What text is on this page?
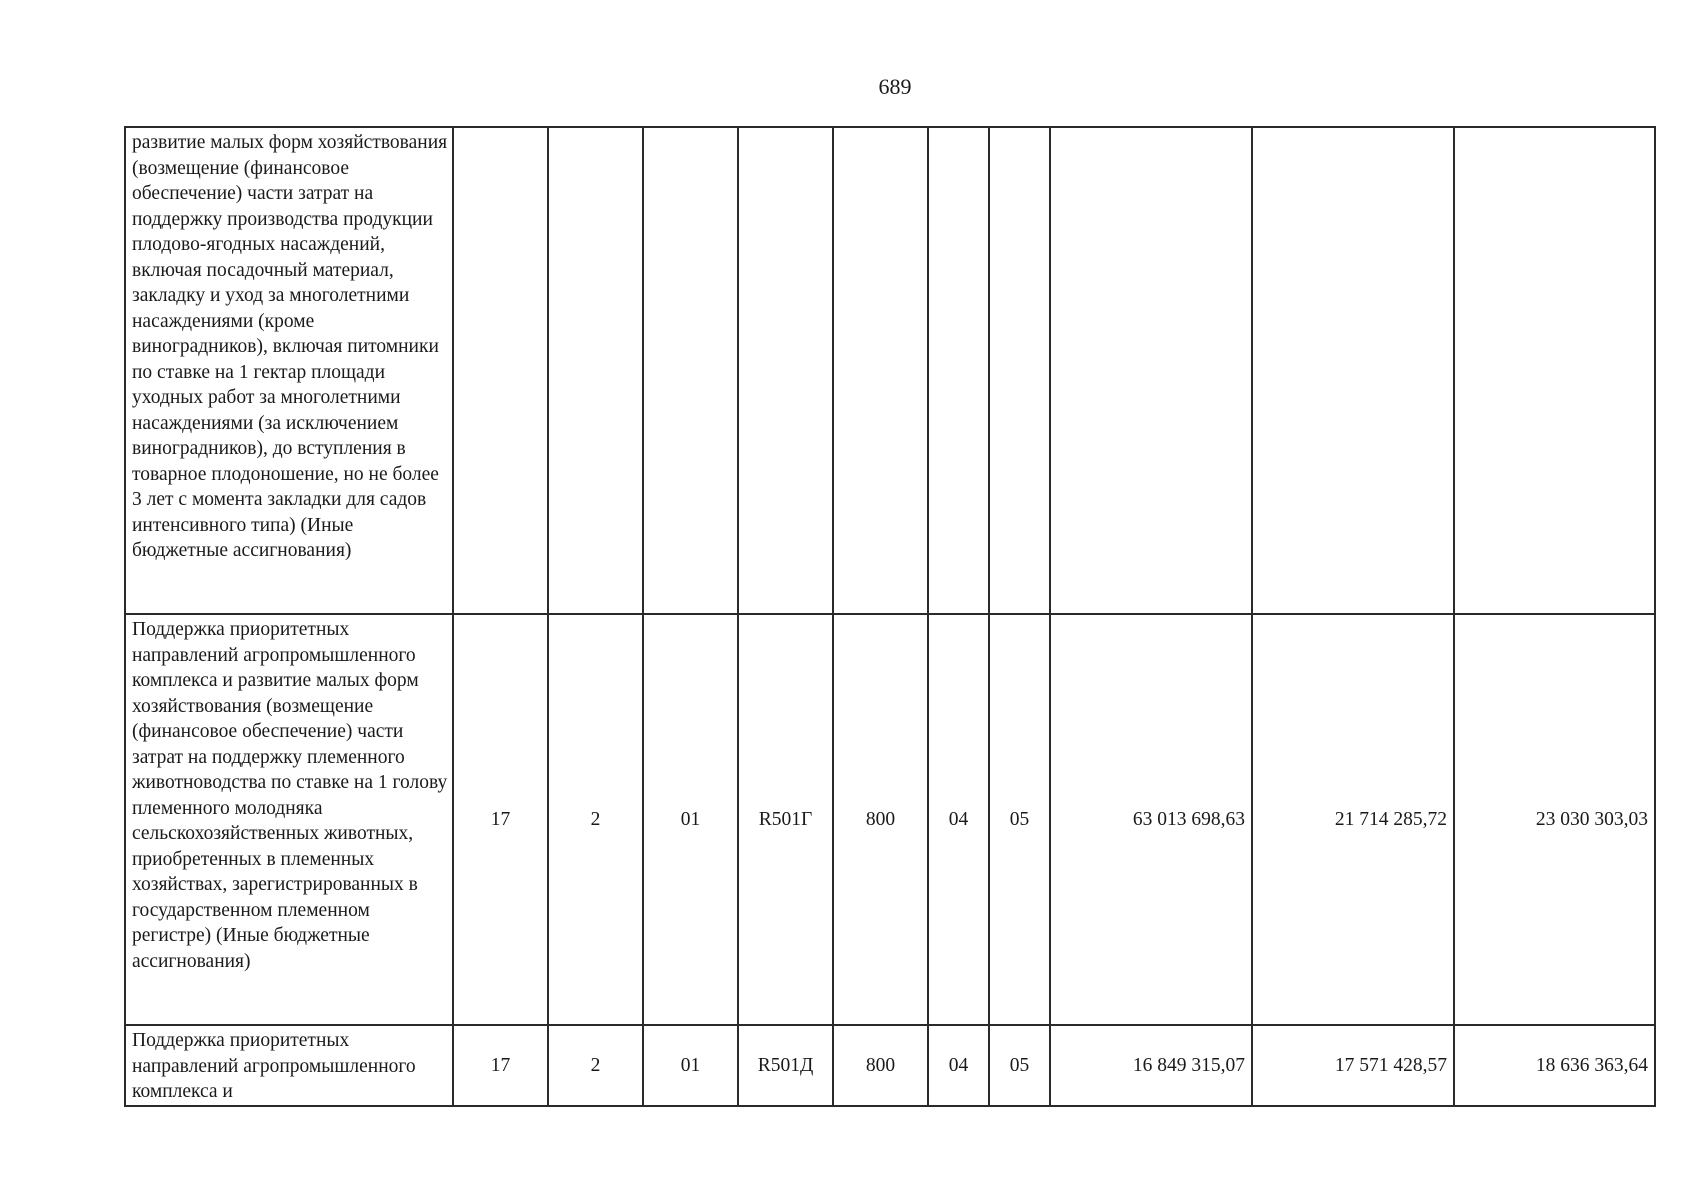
689
развитие малых форм хозяйствования (возмещение (финансовое обеспечение) части затрат на поддержку производства продукции плодово-ягодных насаждений, включая посадочный материал, закладку и уход за многолетними насаждениями (кроме виноградников), включая питомники по ставке на 1 гектар площади уходных работ за многолетними насаждениями (за исключением виноградников), до вступления в товарное плодоношение, но не более 3 лет с момента закладки для садов интенсивного типа) (Иные бюджетные ассигнования)										
Поддержка приоритетных направлений агропромышленного комплекса и развитие малых форм хозяйствования (возмещение (финансовое обеспечение) части затрат на поддержку племенного животноводства по ставке на 1 голову племенного молодняка сельскохозяйственных животных, приобретенных в племенных хозяйствах, зарегистрированных в государственном племенном регистре) (Иные бюджетные ассигнования)	17	2	01	R501Г	800	04	05	63 013 698,63	21 714 285,72	23 030 303,03
Поддержка приоритетных направлений агропромышленного комплекса и	17	2	01	R501Д	800	04	05	16 849 315,07	17 571 428,57	18 636 363,64
